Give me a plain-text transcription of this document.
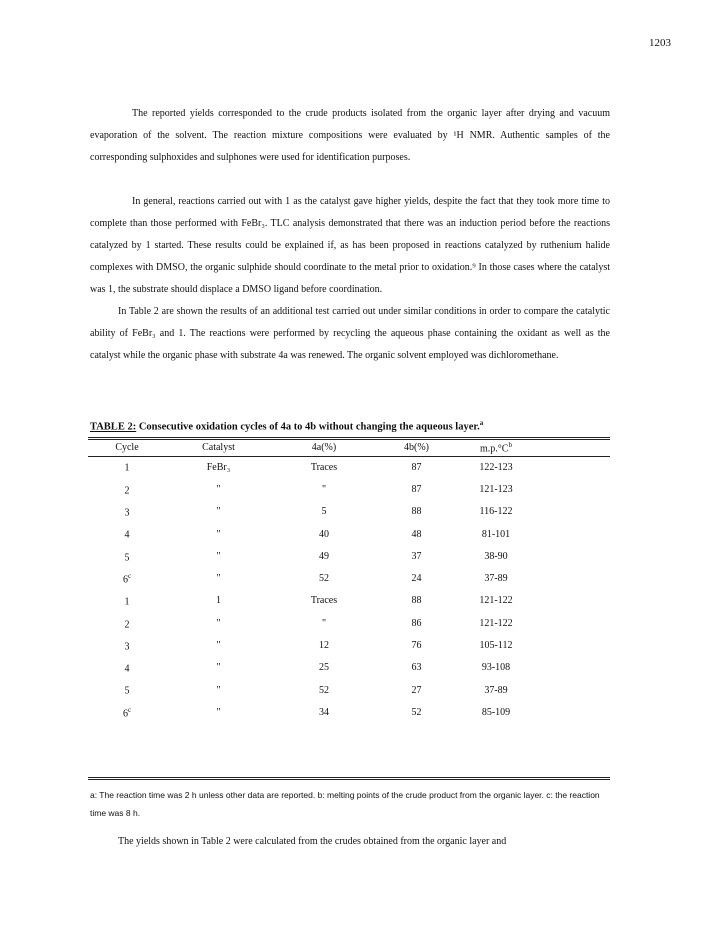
1203

The reported yields corresponded to the crude products isolated from the organic layer after drying and vacuum evaporation of the solvent. The reaction mixture compositions were evaluated by ¹H NMR. Authentic samples of the corresponding sulphoxides and sulphones were used for identification purposes.

In general, reactions carried out with 1 as the catalyst gave higher yields, despite the fact that they took more time to complete than those performed with FeBr₃. TLC analysis demonstrated that there was an induction period before the reactions catalyzed by 1 started. These results could be explained if, as has been proposed in reactions catalyzed by ruthenium halide complexes with DMSO, the organic sulphide should coordinate to the metal prior to oxidation.⁹ In those cases where the catalyst was 1, the substrate should displace a DMSO ligand before coordination.

In Table 2 are shown the results of an additional test carried out under similar conditions in order to compare the catalytic ability of FeBr₃ and 1. The reactions were performed by recycling the aqueous phase containing the oxidant as well as the catalyst while the organic phase with substrate 4a was renewed. The organic solvent employed was dichloromethane.

TABLE 2: Consecutive oxidation cycles of 4a to 4b without changing the aqueous layer.$^a$
Cycle	Catalyst	4a(%)	4b(%)	$m.p.^\circ C^b$	
1	FeBr₃	Traces	87	122-123	
2	"	"	87	121-123	
3	"	5	88	116-122	
4	"	40	48	81-101	
5	"	49	37	38-90	
6$^c$	"	52	24	37-89	
1	1	Traces	88	121-122	
2	"	"	86	121-122	
3	"	12	76	105-112	
4	"	25	63	93-108	
5	"	52	27	37-89	
6$^c$	"	34	52	85-109	
a: The reaction time was 2 h unless other data are reported. b: melting points of the crude product from the organic layer. c: the reaction time was 8 h.

The yields shown in Table 2 were calculated from the crudes obtained from the organic layer and
